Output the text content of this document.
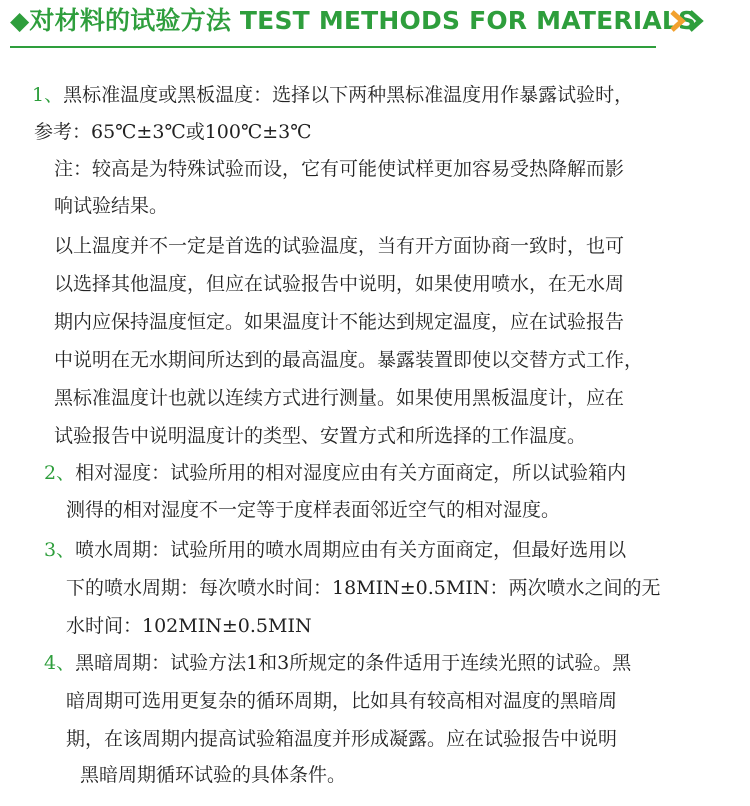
◆对材料的试验方法 TEST METHODS FOR MATERIALS
1、黑标准温度或黑板温度：选择以下两种黑标准温度用作暴露试验时，
参考：65℃±3℃或100℃±3℃
注：较高是为特殊试验而设，它有可能使试样更加容易受热降解而影
响试验结果。
以上温度并不一定是首选的试验温度，当有开方面协商一致时，也可
以选择其他温度，但应在试验报告中说明，如果使用喷水，在无水周
期内应保持温度恒定。如果温度计不能达到规定温度，应在试验报告
中说明在无水期间所达到的最高温度。暴露装置即使以交替方式工作，
黑标准温度计也就以连续方式进行测量。如果使用黑板温度计，应在
试验报告中说明温度计的类型、安置方式和所选择的工作温度。
2、相对湿度：试验所用的相对湿度应由有关方面商定，所以试验箱内
测得的相对湿度不一定等于度样表面邻近空气的相对湿度。
3、喷水周期：试验所用的喷水周期应由有关方面商定，但最好选用以
下的喷水周期：每次喷水时间：18MIN±0.5MIN：两次喷水之间的无
水时间：102MIN±0.5MIN
4、黑暗周期：试验方法1和3所规定的条件适用于连续光照的试验。黑
暗周期可选用更复杂的循环周期，比如具有较高相对温度的黑暗周
期，在该周期内提高试验箱温度并形成凝露。应在试验报告中说明
黑暗周期循环试验的具体条件。
